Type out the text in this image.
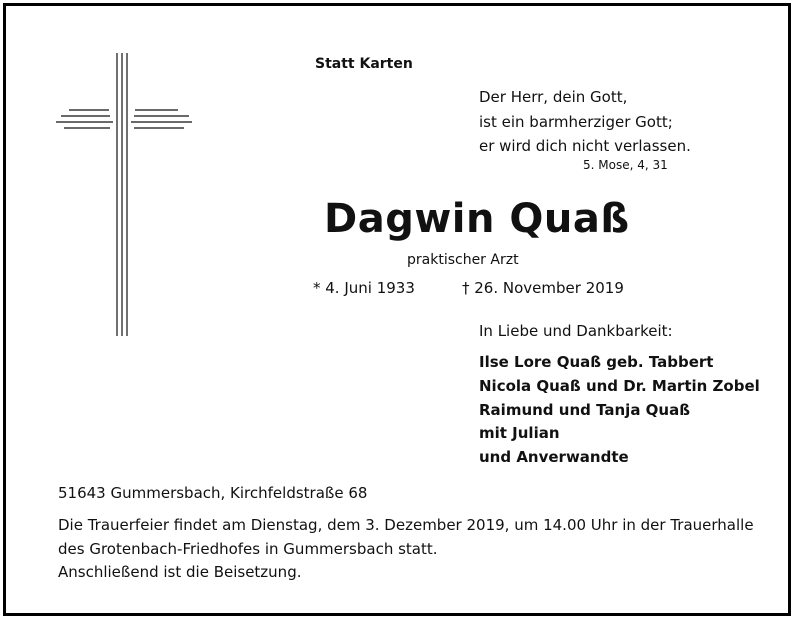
Statt Karten
Der Herr, dein Gott,
ist ein barmherziger Gott;
er wird dich nicht verlassen.
5. Mose, 4, 31
Dagwin Quaß
praktischer Arzt
* 4. Juni 1933	† 26. November 2019
In Liebe und Dankbarkeit:
Ilse Lore Quaß geb. Tabbert
Nicola Quaß und Dr. Martin Zobel
Raimund und Tanja Quaß
mit Julian
und Anverwandte
51643 Gummersbach, Kirchfeldstraße 68
Die Trauerfeier findet am Dienstag, dem 3. Dezember 2019, um 14.00 Uhr in der Trauerhalle
des Grotenbach-Friedhofes in Gummersbach statt.
Anschließend ist die Beisetzung.
